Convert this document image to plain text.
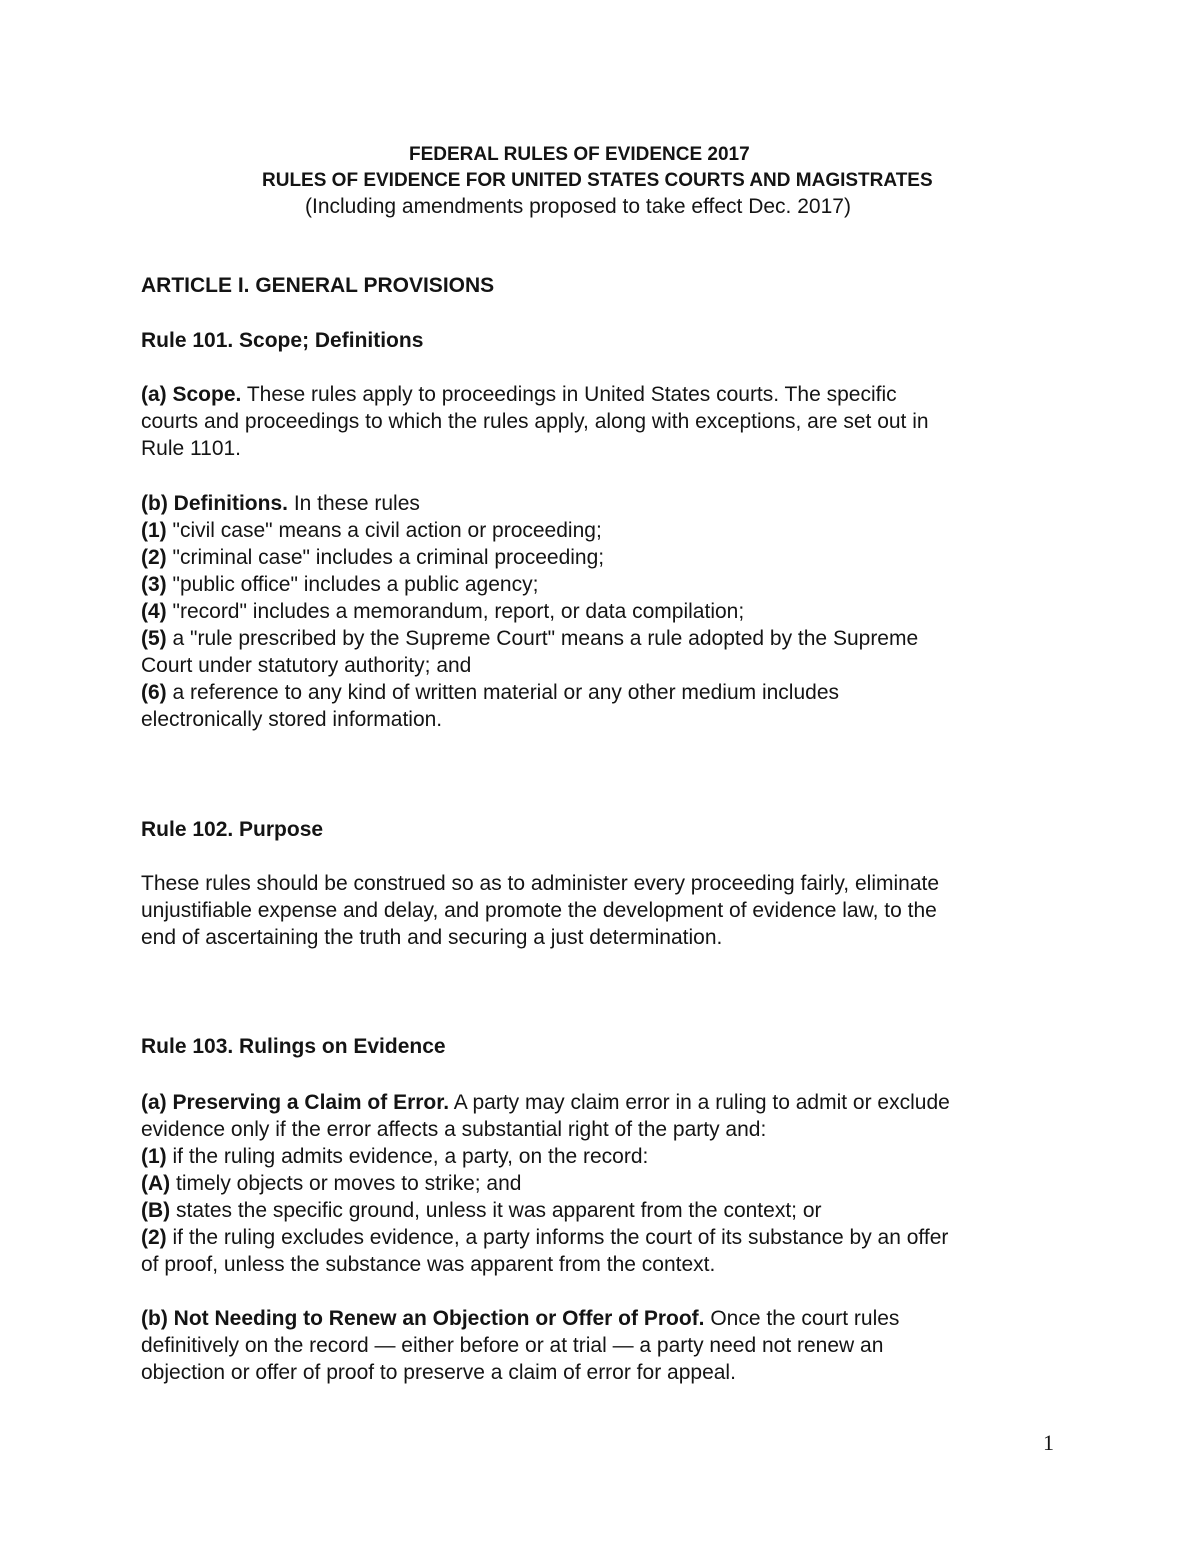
FEDERAL RULES OF EVIDENCE 2017
RULES OF EVIDENCE FOR UNITED STATES COURTS AND MAGISTRATES
(Including amendments proposed to take effect Dec. 2017)
ARTICLE I. GENERAL PROVISIONS
Rule 101. Scope; Definitions
(a) Scope. These rules apply to proceedings in United States courts. The specific
courts and proceedings to which the rules apply, along with exceptions, are set out in
Rule 1101.
(b) Definitions. In these rules
(1) "civil case" means a civil action or proceeding;
(2) "criminal case" includes a criminal proceeding;
(3) "public office" includes a public agency;
(4) "record" includes a memorandum, report, or data compilation;
(5) a "rule prescribed by the Supreme Court" means a rule adopted by the Supreme
Court under statutory authority; and
(6) a reference to any kind of written material or any other medium includes
electronically stored information.
Rule 102. Purpose
These rules should be construed so as to administer every proceeding fairly, eliminate
unjustifiable expense and delay, and promote the development of evidence law, to the
end of ascertaining the truth and securing a just determination.
Rule 103. Rulings on Evidence
(a) Preserving a Claim of Error. A party may claim error in a ruling to admit or exclude
evidence only if the error affects a substantial right of the party and:
(1) if the ruling admits evidence, a party, on the record:
(A) timely objects or moves to strike; and
(B) states the specific ground, unless it was apparent from the context; or
(2) if the ruling excludes evidence, a party informs the court of its substance by an offer
of proof, unless the substance was apparent from the context.
(b) Not Needing to Renew an Objection or Offer of Proof. Once the court rules
definitively on the record — either before or at trial — a party need not renew an
objection or offer of proof to preserve a claim of error for appeal.
1
